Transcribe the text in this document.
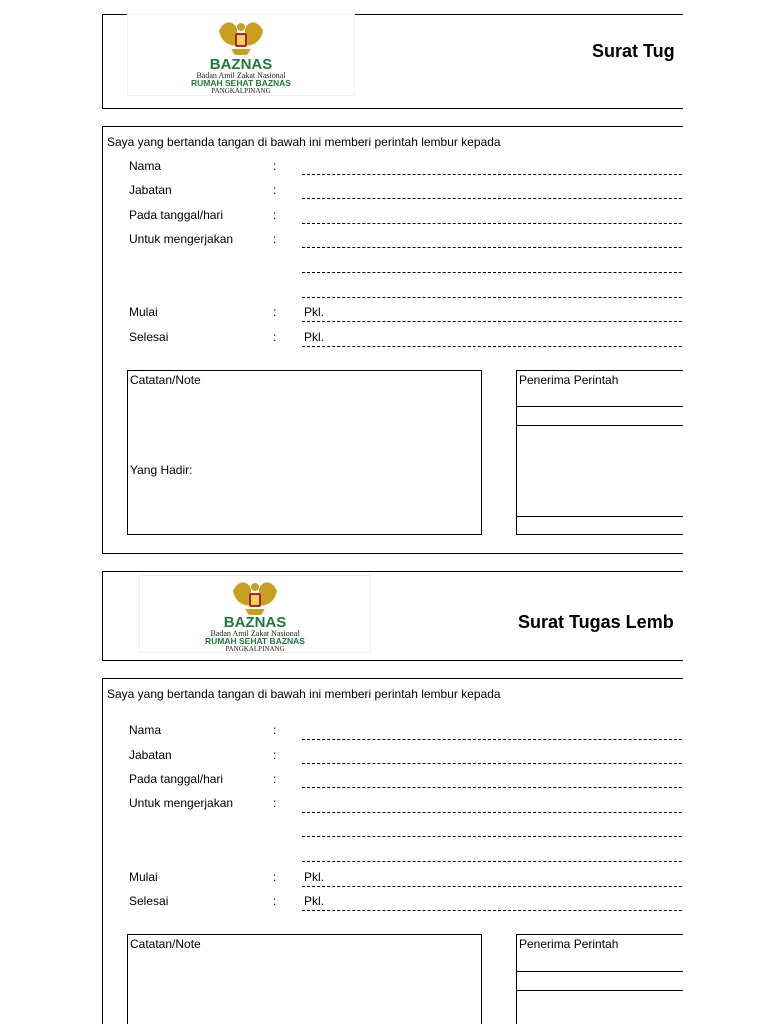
BAZNAS
Badan Amil Zakat Nasional
RUMAH SEHAT BAZNAS
PANGKALPINANG
Surat Tug
Saya yang bertanda tangan di bawah ini memberi perintah lembur kepada
Nama	:
Jabatan	:
Pada tanggal/hari	:
Untuk mengerjakan	:
Mulai	: Pkl.
Selesai	: Pkl.
Catatan/Note
Yang Hadir:
Penerima Perintah
BAZNAS
Badan Amil Zakat Nasional
RUMAH SEHAT BAZNAS
PANGKALPINANG
Surat Tugas Lemb
Saya yang bertanda tangan di bawah ini memberi perintah lembur kepada
Nama	:
Jabatan	:
Pada tanggal/hari	:
Untuk mengerjakan	:
Mulai	: Pkl.
Selesai	: Pkl.
Catatan/Note	Penerima Perintah
